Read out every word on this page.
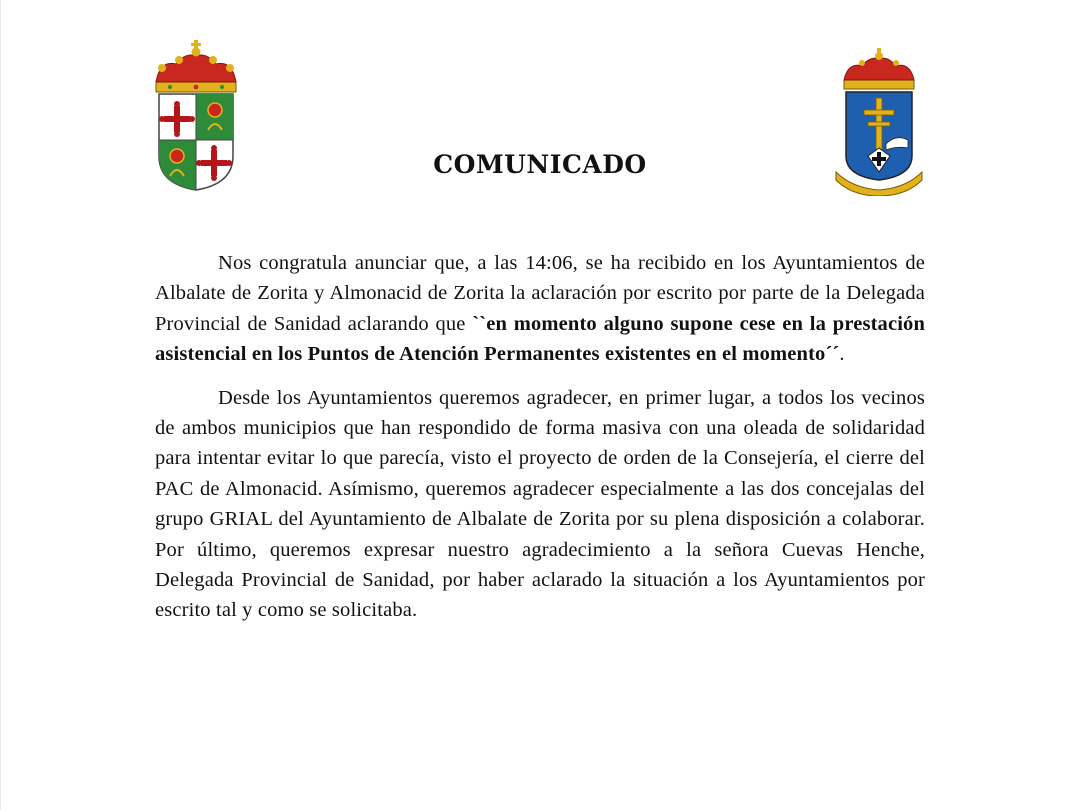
COMUNICADO

Nos congratula anunciar que, a las 14:06, se ha recibido en los Ayuntamientos de Albalate de Zorita y Almonacid de Zorita la aclaración por escrito por parte de la Delegada Provincial de Sanidad aclarando que ``en momento alguno supone cese en la prestación asistencial en los Puntos de Atención Permanentes existentes en el momento´´.

Desde los Ayuntamientos queremos agradecer, en primer lugar, a todos los vecinos de ambos municipios que han respondido de forma masiva con una oleada de solidaridad para intentar evitar lo que parecía, visto el proyecto de orden de la Consejería, el cierre del PAC de Almonacid. Asímismo, queremos agradecer especialmente a las dos concejalas del grupo GRIAL del Ayuntamiento de Albalate de Zorita por su plena disposición a colaborar. Por último, queremos expresar nuestro agradecimiento a la señora Cuevas Henche, Delegada Provincial de Sanidad, por haber aclarado la situación a los Ayuntamientos por escrito tal y como se solicitaba.
